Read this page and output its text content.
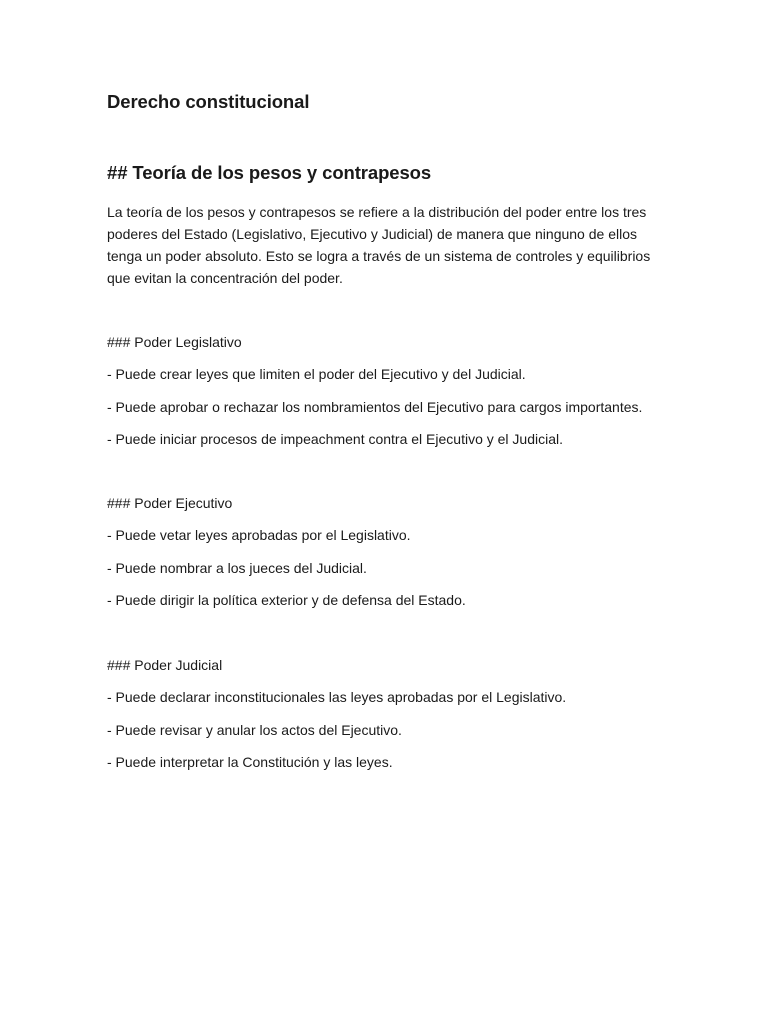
Derecho constitucional
## Teoría de los pesos y contrapesos

La teoría de los pesos y contrapesos se refiere a la distribución del poder entre los tres poderes del Estado (Legislativo, Ejecutivo y Judicial) de manera que ninguno de ellos tenga un poder absoluto. Esto se logra a través de un sistema de controles y equilibrios que evitan la concentración del poder.

### Poder Legislativo
- Puede crear leyes que limiten el poder del Ejecutivo y del Judicial.
- Puede aprobar o rechazar los nombramientos del Ejecutivo para cargos importantes.
- Puede iniciar procesos de impeachment contra el Ejecutivo y el Judicial.
### Poder Ejecutivo
- Puede vetar leyes aprobadas por el Legislativo.
- Puede nombrar a los jueces del Judicial.
- Puede dirigir la política exterior y de defensa del Estado.
### Poder Judicial
- Puede declarar inconstitucionales las leyes aprobadas por el Legislativo.
- Puede revisar y anular los actos del Ejecutivo.
- Puede interpretar la Constitución y las leyes.
